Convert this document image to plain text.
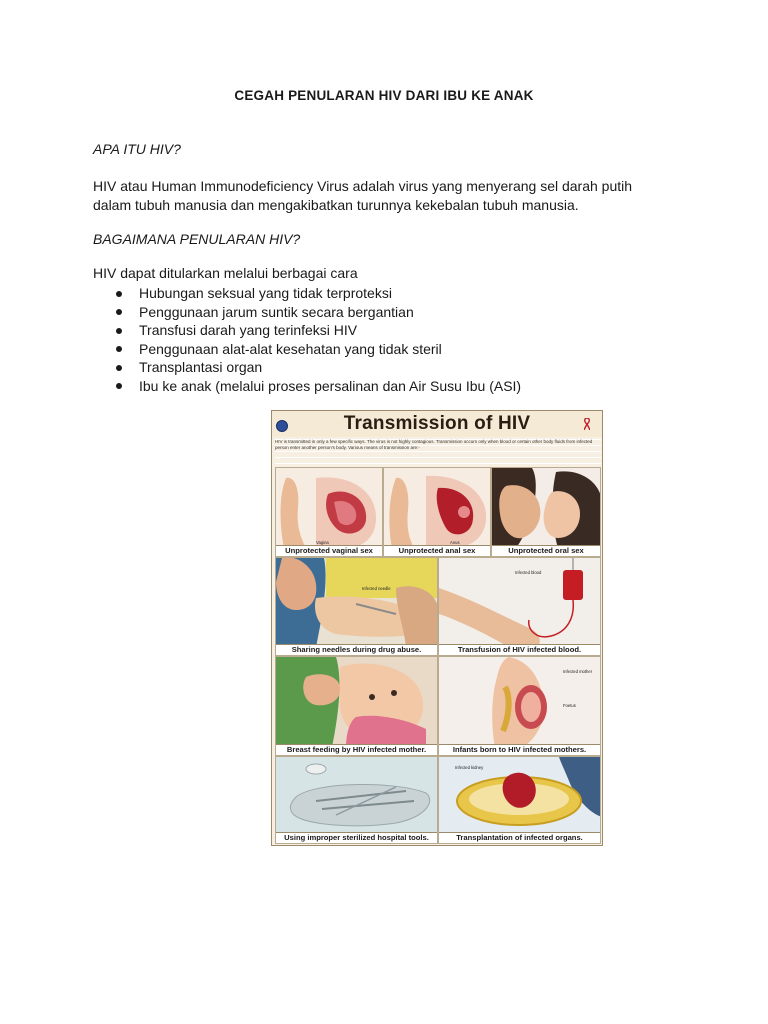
CEGAH PENULARAN HIV DARI IBU KE ANAK

APA ITU HIV?

HIV atau Human Immunodeficiency Virus adalah virus yang menyerang sel darah putih dalam tubuh manusia dan mengakibatkan turunnya kekebalan tubuh manusia.

BAGAIMANA PENULARAN HIV?

HIV dapat ditularkan melalui berbagai cara

Hubungan seksual yang tidak terproteksi
Penggunaan jarum suntik secara bergantian
Transfusi darah yang terinfeksi HIV
Penggunaan alat-alat kesehatan yang tidak steril
Transplantasi organ
Ibu ke anak (melalui proses persalinan dan Air Susu Ibu (ASI)
Transmission of HIV
HIV is transmitted in only a few specific ways. The virus is not highly contagious. Transmission occurs only when blood or certain other body fluids from infected person enter another person's body. Various means of transmission are:-
Vagina
Unprotected vaginal sex
Anus
Unprotected anal sex	Unprotected oral sex
Infected needle
Sharing needles during drug abuse.
Infected blood
Transfusion of HIV infected blood.
Breast feeding by HIV infected mother.
Infected mother
Foetus
Infants born to HIV infected mothers.
Using improper sterilized hospital tools.
Infected kidney
Transplantation of infected organs.
